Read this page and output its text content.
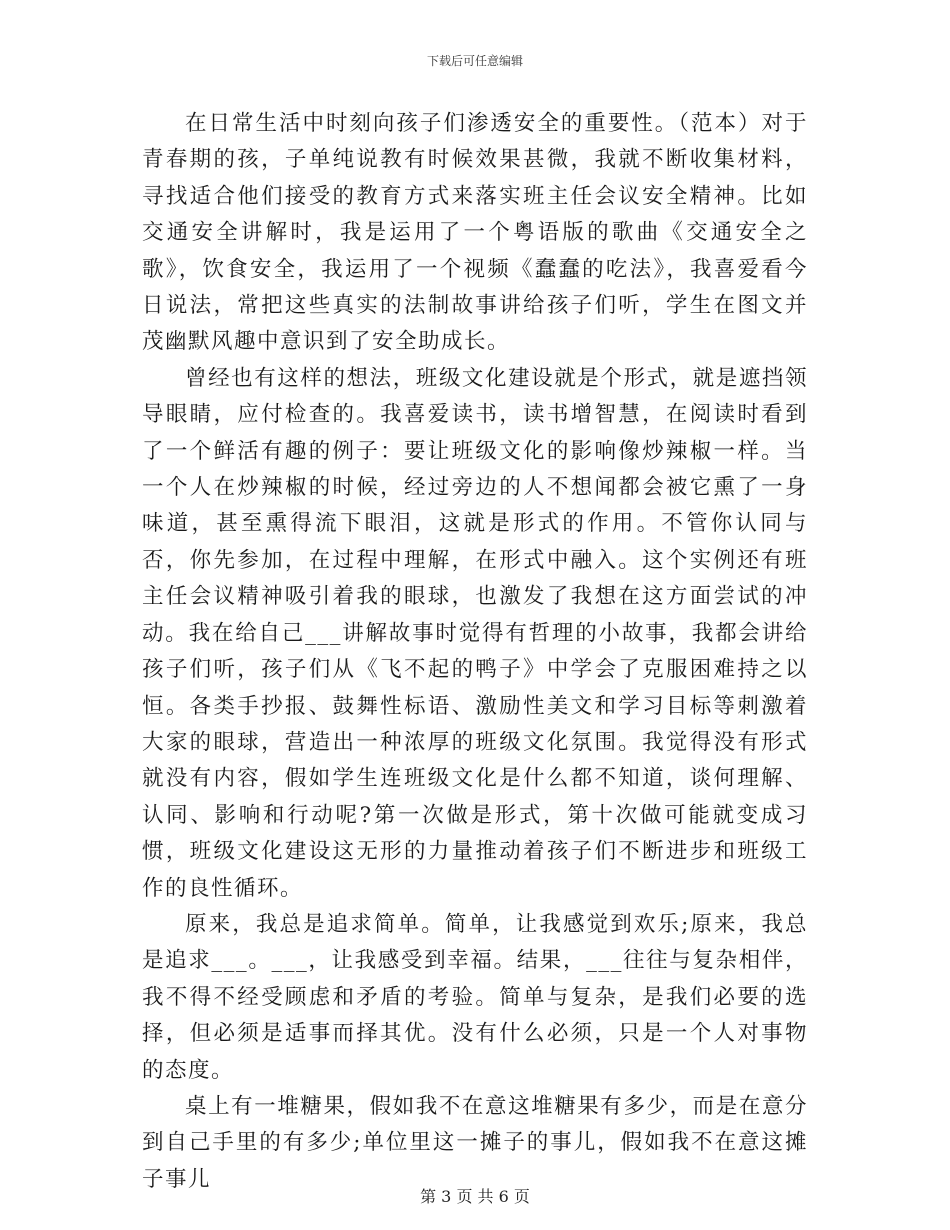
下载后可任意编辑

在日常生活中时刻向孩子们渗透安全的重要性。（范本）对于青春期的孩，子单纯说教有时候效果甚微，我就不断收集材料，寻找适合他们接受的教育方式来落实班主任会议安全精神。比如交通安全讲解时，我是运用了一个粤语版的歌曲《交通安全之歌》，饮食安全，我运用了一个视频《蠢蠢的吃法》，我喜爱看今日说法，常把这些真实的法制故事讲给孩子们听，学生在图文并茂幽默风趣中意识到了安全助成长。

曾经也有这样的想法，班级文化建设就是个形式，就是遮挡领导眼睛，应付检查的。我喜爱读书，读书增智慧，在阅读时看到了一个鲜活有趣的例子：要让班级文化的影响像炒辣椒一样。当一个人在炒辣椒的时候，经过旁边的人不想闻都会被它熏了一身味道，甚至熏得流下眼泪，这就是形式的作用。不管你认同与否，你先参加，在过程中理解，在形式中融入。这个实例还有班主任会议精神吸引着我的眼球，也激发了我想在这方面尝试的冲动。我在给自己___讲解故事时觉得有哲理的小故事，我都会讲给孩子们听，孩子们从《飞不起的鸭子》中学会了克服困难持之以恒。各类手抄报、鼓舞性标语、激励性美文和学习目标等刺激着大家的眼球，营造出一种浓厚的班级文化氛围。我觉得没有形式就没有内容，假如学生连班级文化是什么都不知道，谈何理解、认同、影响和行动呢?第一次做是形式，第十次做可能就变成习惯，班级文化建设这无形的力量推动着孩子们不断进步和班级工作的良性循环。

原来，我总是追求简单。简单，让我感觉到欢乐;原来，我总是追求___。___，让我感受到幸福。结果，___往往与复杂相伴，我不得不经受顾虑和矛盾的考验。简单与复杂，是我们必要的选择，但必须是适事而择其优。没有什么必须，只是一个人对事物的态度。

桌上有一堆糖果，假如我不在意这堆糖果有多少，而是在意分到自己手里的有多少;单位里这一摊子的事儿，假如我不在意这摊子事儿

第 3 页 共 6 页
